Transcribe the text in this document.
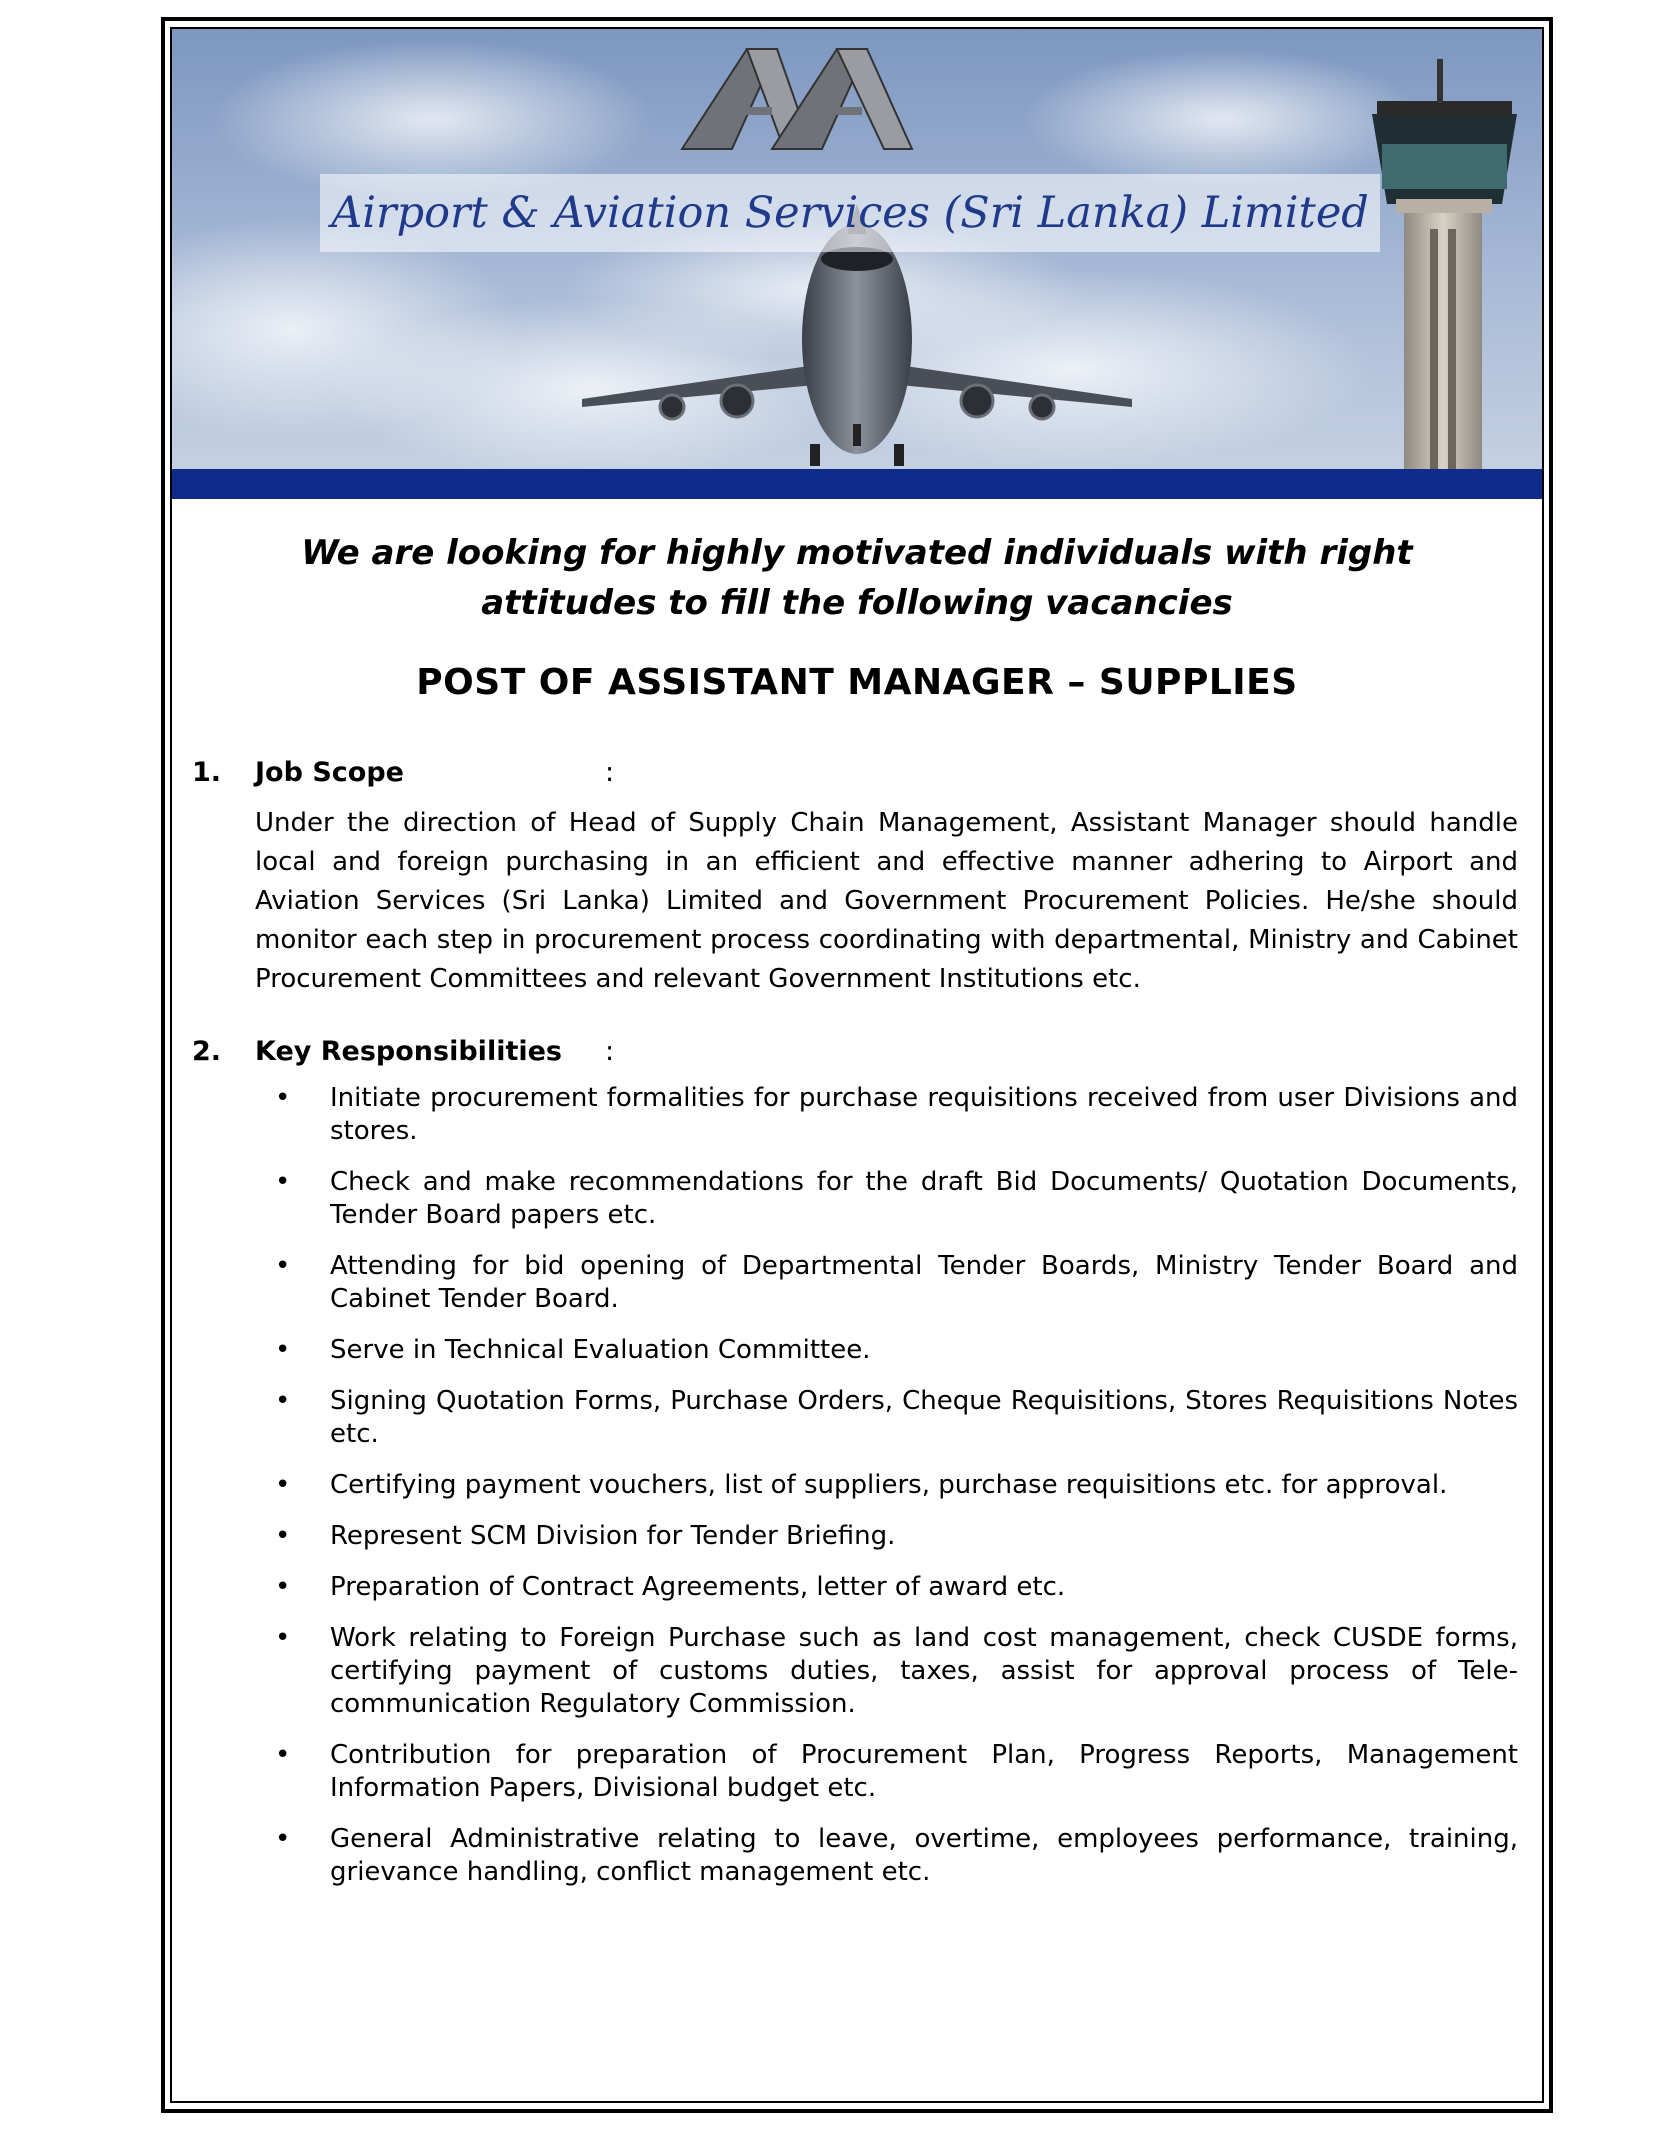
Airport & Aviation Services (Sri Lanka) Limited
We are looking for highly motivated individuals with right
attitudes to fill the following vacancies
POST OF ASSISTANT MANAGER – SUPPLIES
1. Job Scope	:

Under the direction of Head of Supply Chain Management, Assistant Manager should handle local and foreign purchasing in an efficient and effective manner adhering to Airport and Aviation Services (Sri Lanka) Limited and Government Procurement Policies. He/she should monitor each step in procurement process coordinating with departmental, Ministry and Cabinet Procurement Committees and relevant Government Institutions etc.

2. Key Responsibilities :
• Initiate procurement formalities for purchase requisitions received from user Divisions and stores.
• Check and make recommendations for the draft Bid Documents/ Quotation Documents, Tender Board papers etc.
• Attending for bid opening of Departmental Tender Boards, Ministry Tender Board and Cabinet Tender Board.
• Serve in Technical Evaluation Committee.
• Signing Quotation Forms, Purchase Orders, Cheque Requisitions, Stores Requisitions Notes etc.
• Certifying payment vouchers, list of suppliers, purchase requisitions etc. for approval.
• Represent SCM Division for Tender Briefing.
• Preparation of Contract Agreements, letter of award etc.
• Work relating to Foreign Purchase such as land cost management, check CUSDE forms, certifying payment of customs duties, taxes, assist for approval process of Tele-communication Regulatory Commission.
• Contribution for preparation of Procurement Plan, Progress Reports, Management Information Papers, Divisional budget etc.
• General Administrative relating to leave, overtime, employees performance, training, grievance handling, conflict management etc.
